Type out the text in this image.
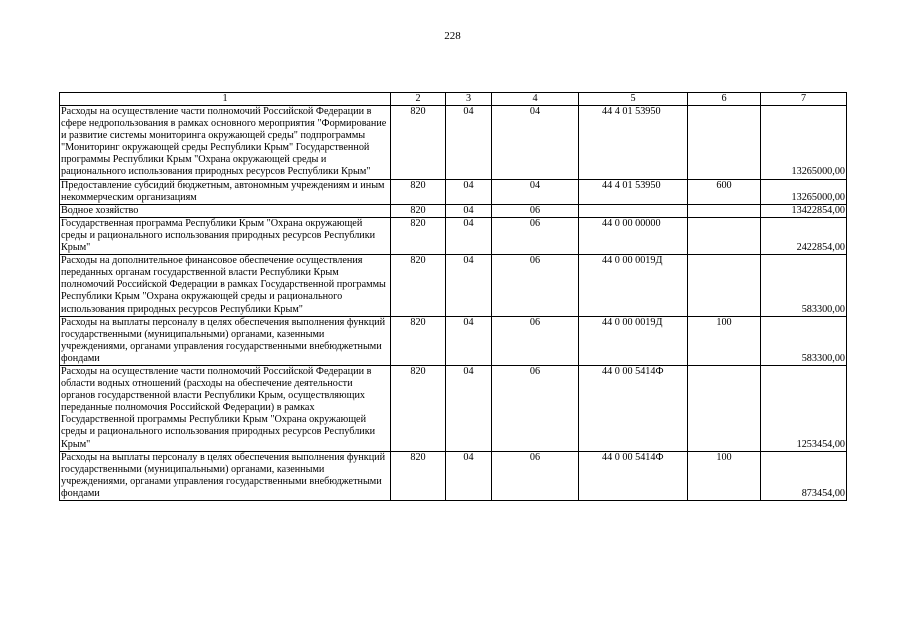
228
1	2	3	4	5	6	7
Расходы на осуществление части полномочий Российской Федерации в сфере недропользования в рамках основного мероприятия "Формирование и развитие системы мониторинга окружающей среды" подпрограммы "Мониторинг окружающей среды Республики Крым" Государственной программы Республики Крым "Охрана окружающей среды и рационального использования природных ресурсов Республики Крым"	820	04	04	44 4 01 53950		13265000,00
Предоставление субсидий бюджетным, автономным учреждениям и иным некоммерческим организациям	820	04	04	44 4 01 53950	600	13265000,00
Водное хозяйство	820	04	06			13422854,00
Государственная программа Республики Крым "Охрана окружающей среды и рационального использования природных ресурсов Республики Крым"	820	04	06	44 0 00 00000		2422854,00
Расходы на дополнительное финансовое обеспечение осуществления переданных органам государственной власти Республики Крым полномочий Российской Федерации в рамках Государственной программы Республики Крым "Охрана окружающей среды и рационального использования природных ресурсов Республики Крым"	820	04	06	44 0 00 0019Д		583300,00
Расходы на выплаты персоналу в целях обеспечения выполнения функций государственными (муниципальными) органами, казенными учреждениями, органами управления государственными внебюджетными фондами	820	04	06	44 0 00 0019Д	100	583300,00
Расходы на осуществление части полномочий Российской Федерации в области водных отношений (расходы на обеспечение деятельности органов государственной власти Республики Крым, осуществляющих переданные полномочия Российской Федерации) в рамках Государственной программы Республики Крым "Охрана окружающей среды и рационального использования природных ресурсов Республики Крым"	820	04	06	44 0 00 5414Ф		1253454,00
Расходы на выплаты персоналу в целях обеспечения выполнения функций государственными (муниципальными) органами, казенными учреждениями, органами управления государственными внебюджетными фондами	820	04	06	44 0 00 5414Ф	100	873454,00
